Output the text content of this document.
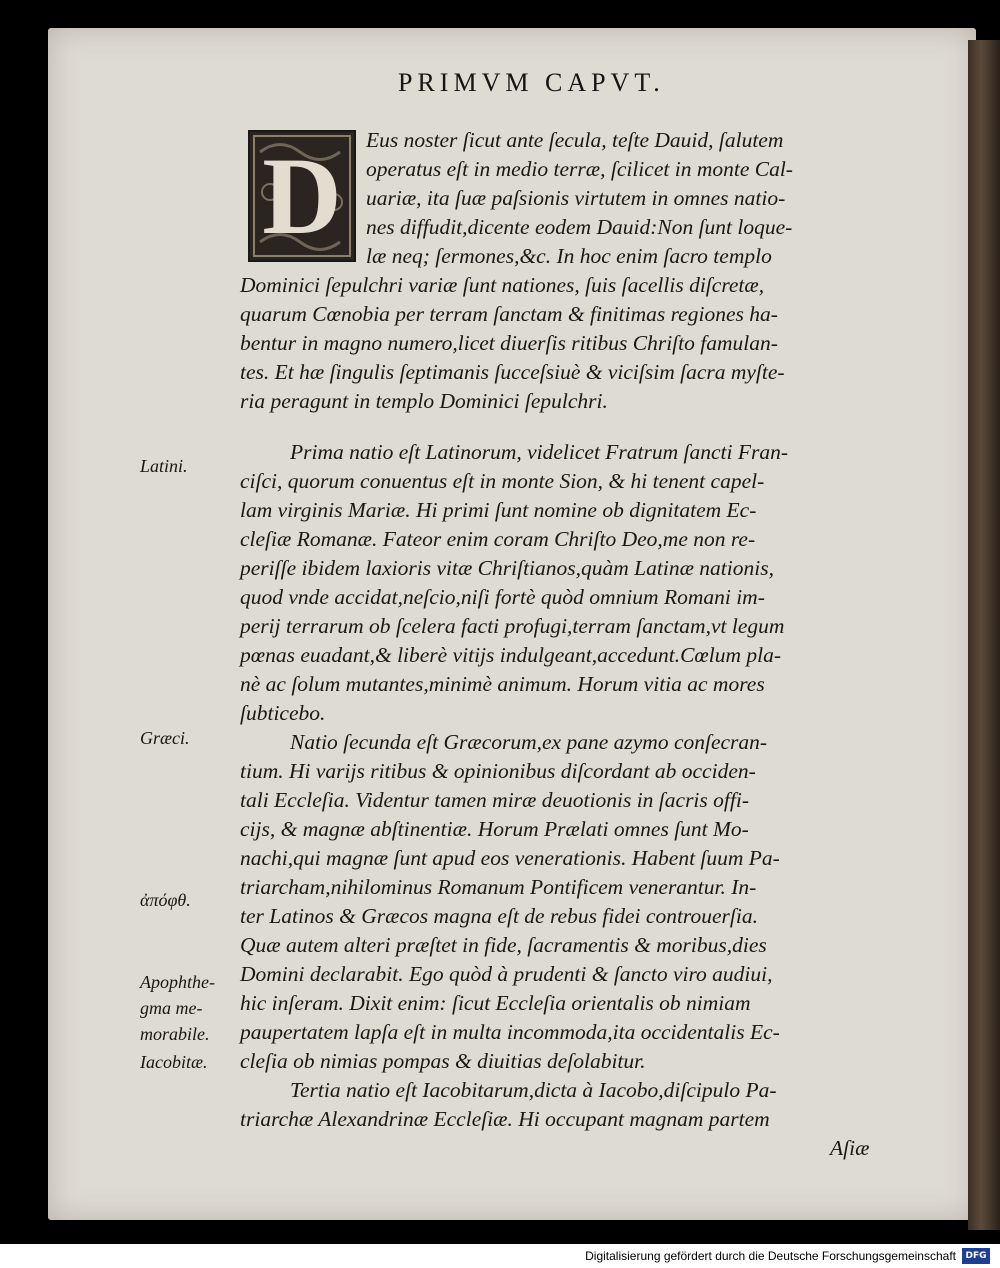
PRIMVM CAPVT.
D Eus noster ſicut ante ſecula, teſte Dauid, ſalutem
operatus eſt in medio terræ, ſcilicet in monte Cal-
uariæ, ita ſuæ paſsionis virtutem in omnes natio-
nes diffudit,dicente eodem Dauid:Non ſunt loque-
læ neq; ſermones,&c. In hoc enim ſacro templo
Dominici ſepulchri variæ ſunt nationes, ſuis ſacellis diſcretæ,
quarum Cœnobia per terram ſanctam & finitimas regiones ha-
bentur in magno numero,licet diuerſis ritibus Chriſto famulan-
tes. Et hæ ſingulis ſeptimanis ſucceſsiuè & viciſsim ſacra myſte-
ria peragunt in templo Dominici ſepulchri.
Prima natio eſt Latinorum, videlicet Fratrum ſancti Fran-
ciſci, quorum conuentus eſt in monte Sion, & hi tenent capel-
lam virginis Mariæ. Hi primi ſunt nomine ob dignitatem Ec-
cleſiæ Romanæ. Fateor enim coram Chriſto Deo,me non re-
periſſe ibidem laxioris vitæ Chriſtianos,quàm Latinæ nationis,
quod vnde accidat,neſcio,niſi fortè quòd omnium Romani im-
perij terrarum ob ſcelera facti profugi,terram ſanctam,vt legum
pœnas euadant,& liberè vitijs indulgeant,accedunt.Cœlum pla-
nè ac ſolum mutantes,minimè animum. Horum vitia ac mores
ſubticebo.
Natio ſecunda eſt Græcorum,ex pane azymo conſecran-
tium. Hi varijs ritibus & opinionibus diſcordant ab occiden-
tali Eccleſia. Videntur tamen miræ deuotionis in ſacris offi-
cijs, & magnæ abſtinentiæ. Horum Prælati omnes ſunt Mo-
nachi,qui magnæ ſunt apud eos venerationis. Habent ſuum Pa-
triarcham,nihilominus Romanum Pontificem venerantur. In-
ter Latinos & Græcos magna eſt de rebus fidei controuerſia.
Quæ autem alteri præſtet in fide, ſacramentis & moribus,dies
Domini declarabit. Ego quòd à prudenti & ſancto viro audiui,
hic inſeram. Dixit enim: ſicut Eccleſia orientalis ob nimiam
paupertatem lapſa eſt in multa incommoda,ita occidentalis Ec-
cleſia ob nimias pompas & diuitias deſolabitur.
Tertia natio eſt Iacobitarum,dicta à Iacobo,diſcipulo Pa-
triarchæ Alexandrinæ Eccleſiæ. Hi occupant magnam partem
Aſiæ
Latini.
Græci.
ἀπόφθ.
Apophthe-
gma me-
morabile.
Iacobitæ.
Digitalisierung gefördert durch die Deutsche Forschungsgemeinschaft	DFG
